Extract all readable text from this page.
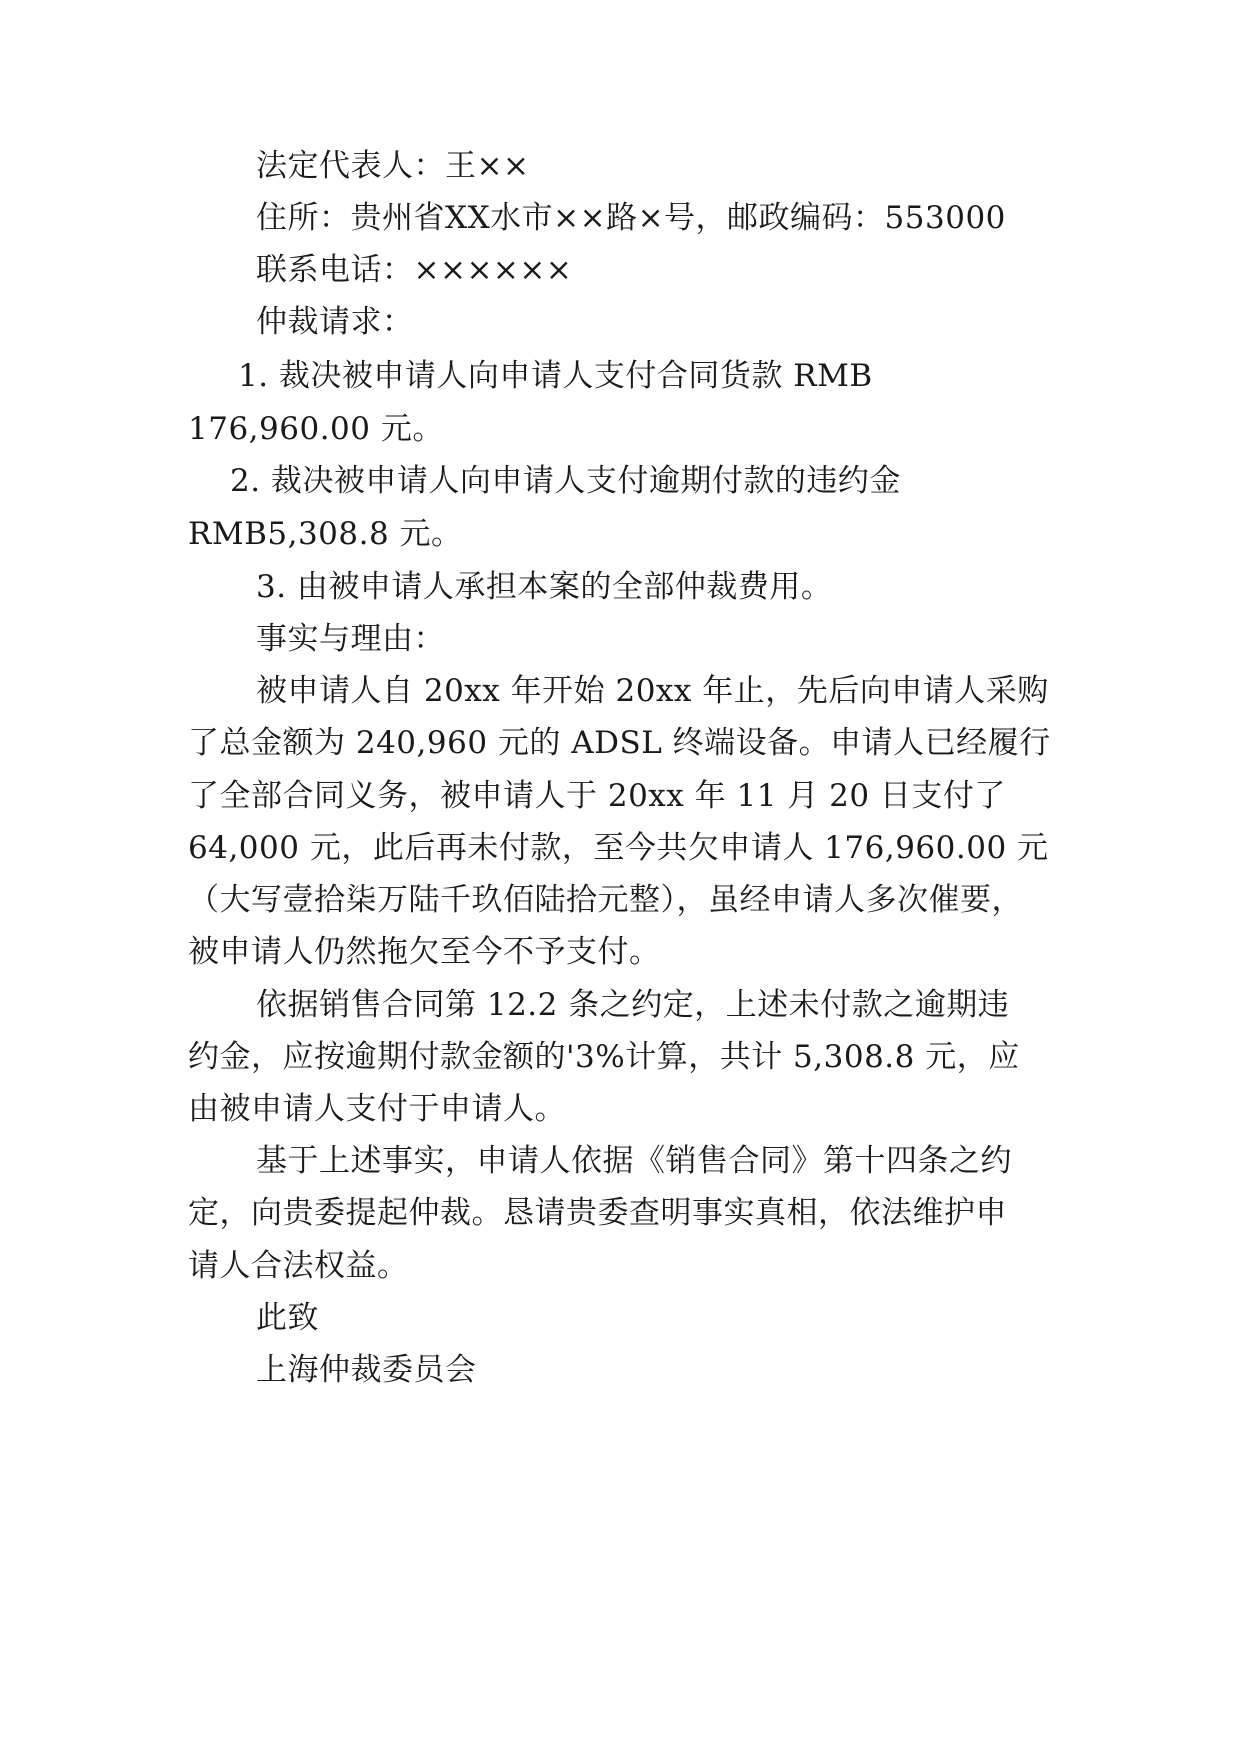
法定代表人：王××
住所：贵州省XX水市××路×号，邮政编码：553000
联系电话：××××××
仲裁请求：
1. 裁决被申请人向申请人支付合同货款 RMB
176,960.00 元。
2. 裁决被申请人向申请人支付逾期付款的违约金
RMB5,308.8 元。
3. 由被申请人承担本案的全部仲裁费用。
事实与理由：
被申请人自 20xx 年开始 20xx 年止，先后向申请人采购
了总金额为 240,960 元的 ADSL 终端设备。申请人已经履行
了全部合同义务，被申请人于 20xx 年 11 月 20 日支付了
64,000 元，此后再未付款，至今共欠申请人 176,960.00 元
（大写壹拾柒万陆千玖佰陆拾元整），虽经申请人多次催要，
被申请人仍然拖欠至今不予支付。
依据销售合同第 12.2 条之约定，上述未付款之逾期违
约金，应按逾期付款金额的'3%计算，共计 5,308.8 元，应
由被申请人支付于申请人。
基于上述事实，申请人依据《销售合同》第十四条之约
定，向贵委提起仲裁。恳请贵委查明事实真相，依法维护申
请人合法权益。
此致
上海仲裁委员会
